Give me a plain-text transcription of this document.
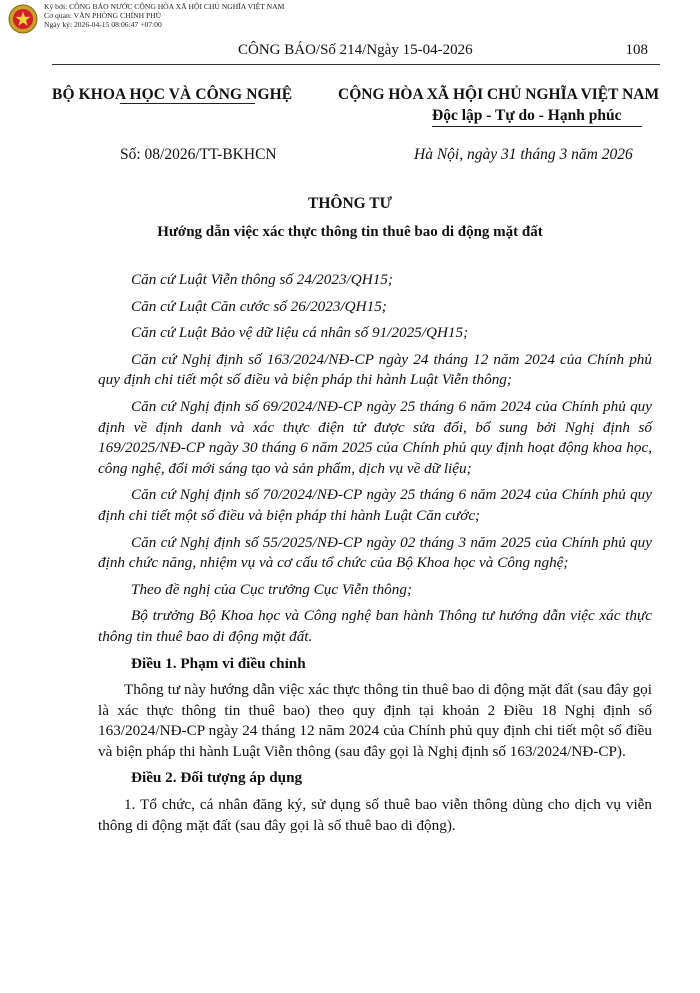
Ký bởi: CÔNG BÁO NƯỚC CỘNG HÒA XÃ HỘI CHỦ NGHĨA VIỆT NAM
Cơ quan: VĂN PHÒNG CHÍNH PHỦ
Ngày ký: 2026-04-15 08:06:47 +07:00
CÔNG BÁO/Số 214/Ngày 15-04-2026	108
BỘ KHOA HỌC VÀ CÔNG NGHỆ	CỘNG HÒA XÃ HỘI CHỦ NGHĨA VIỆT NAM
Độc lập - Tự do - Hạnh phúc
Số: 08/2026/TT-BKHCN	Hà Nội, ngày 31 tháng 3 năm 2026
THÔNG TƯ
Hướng dẫn việc xác thực thông tin thuê bao di động mặt đất

Căn cứ Luật Viễn thông số 24/2023/QH15;

Căn cứ Luật Căn cước số 26/2023/QH15;

Căn cứ Luật Bảo vệ dữ liệu cá nhân số 91/2025/QH15;

Căn cứ Nghị định số 163/2024/NĐ-CP ngày 24 tháng 12 năm 2024 của Chính phủ quy định chi tiết một số điều và biện pháp thi hành Luật Viễn thông;

Căn cứ Nghị định số 69/2024/NĐ-CP ngày 25 tháng 6 năm 2024 của Chính phủ quy định về định danh và xác thực điện tử được sửa đổi, bổ sung bởi Nghị định số 169/2025/NĐ-CP ngày 30 tháng 6 năm 2025 của Chính phủ quy định hoạt động khoa học, công nghệ, đổi mới sáng tạo và sản phẩm, dịch vụ về dữ liệu;

Căn cứ Nghị định số 70/2024/NĐ-CP ngày 25 tháng 6 năm 2024 của Chính phủ quy định chi tiết một số điều và biện pháp thi hành Luật Căn cước;

Căn cứ Nghị định số 55/2025/NĐ-CP ngày 02 tháng 3 năm 2025 của Chính phủ quy định chức năng, nhiệm vụ và cơ cấu tổ chức của Bộ Khoa học và Công nghệ;

Theo đề nghị của Cục trưởng Cục Viễn thông;

Bộ trưởng Bộ Khoa học và Công nghệ ban hành Thông tư hướng dẫn việc xác thực thông tin thuê bao di động mặt đất.

Điều 1. Phạm vi điều chỉnh

Thông tư này hướng dẫn việc xác thực thông tin thuê bao di động mặt đất (sau đây gọi là xác thực thông tin thuê bao) theo quy định tại khoản 2 Điều 18 Nghị định số 163/2024/NĐ-CP ngày 24 tháng 12 năm 2024 của Chính phủ quy định chi tiết một số điều và biện pháp thi hành Luật Viễn thông (sau đây gọi là Nghị định số 163/2024/NĐ-CP).

Điều 2. Đối tượng áp dụng

1. Tổ chức, cá nhân đăng ký, sử dụng số thuê bao viễn thông dùng cho dịch vụ viễn thông di động mặt đất (sau đây gọi là số thuê bao di động).
